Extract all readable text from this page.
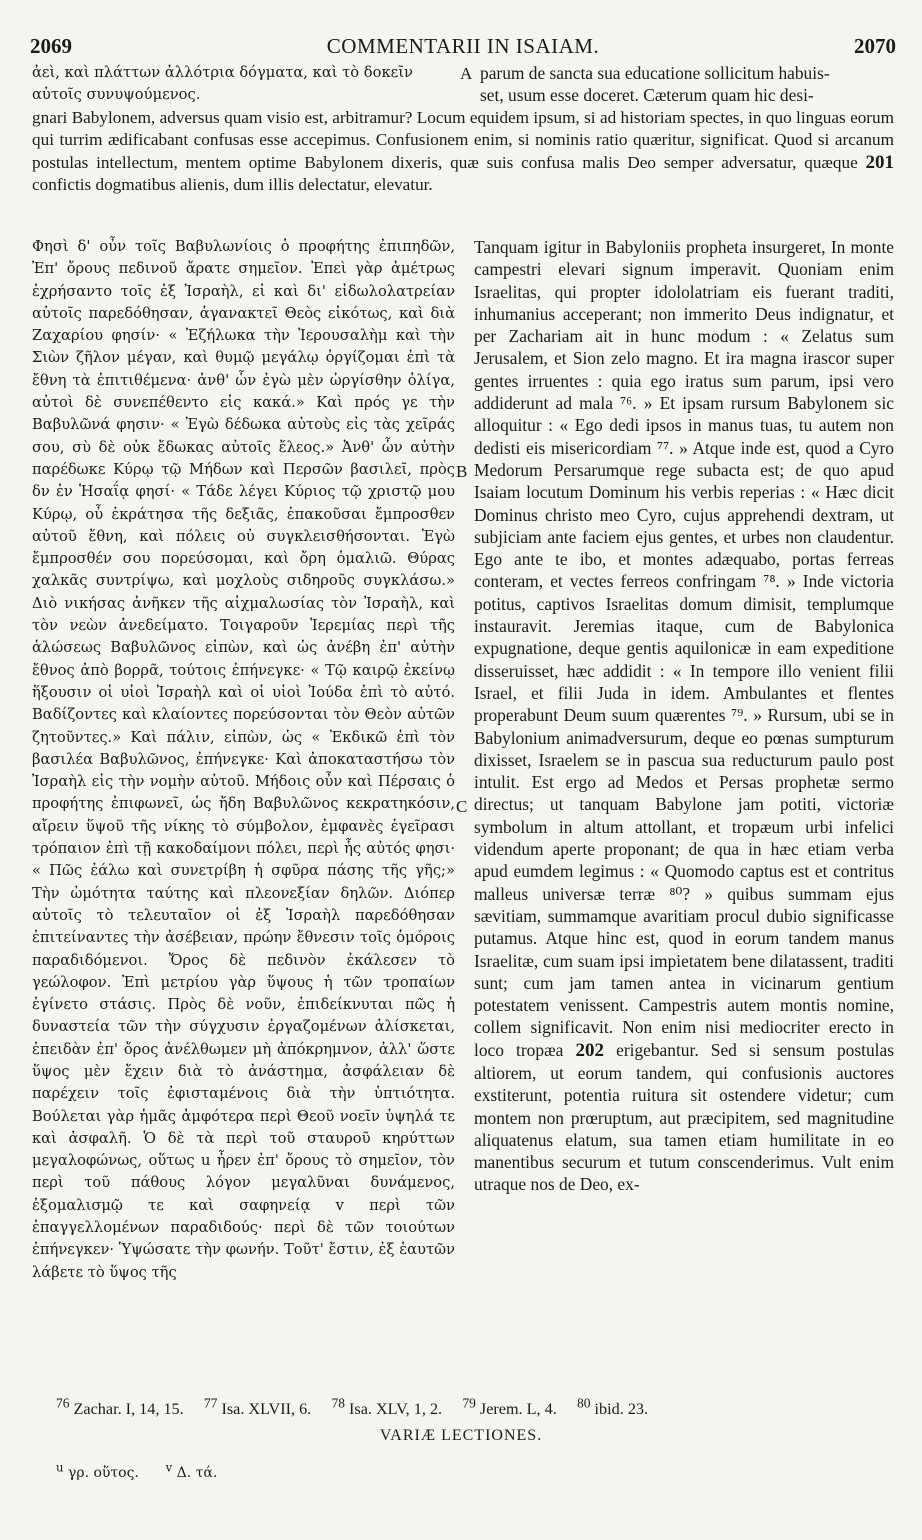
2069	COMMENTARII IN ISAIAM.	2070

ἀεὶ, καὶ πλάττων ἀλλότρια δόγματα, καὶ τὸ δοκεῖν
αὐτοῖς συνυψούμενος.

A parum de sancta sua educatione sollicitum habuis-
set, usum esse doceret. Cæterum quam hic desi-

gnari Babylonem, adversus quam visio est, arbitramur? Locum equidem ipsum, si ad historiam spectes, in quo linguas eorum qui turrim ædificabant confusas esse accepimus. Confusionem enim, si nominis ratio quæritur, significat. Quod si arcanum postulas intellectum, mentem optime Babylonem dixeris, quæ suis confusa malis Deo semper adversatur, quæque 201 confictis dogmatibus alienis, dum illis delectatur, elevatur.

Φησὶ δ' οὖν τοῖς Βαβυλωνίοις ὁ προφήτης ἐπιπηδῶν, Ἐπ' ὄρους πεδινοῦ ἄρατε σημεῖον. Ἐπεὶ γὰρ ἀμέτρως ἐχρήσαντο τοῖς ἐξ Ἰσραὴλ, εἰ καὶ δι' εἰδωλολατρείαν αὐτοῖς παρεδόθησαν, ἀγανακτεῖ Θεὸς εἰκότως, καὶ διὰ Ζαχαρίου φησίν· « Ἐζήλωκα τὴν Ἱερουσαλὴμ καὶ τὴν Σιὼν ζῆλον μέγαν, καὶ θυμῷ μεγάλῳ ὀργίζομαι ἐπὶ τὰ ἔθνη τὰ ἐπιτιθέμενα· ἀνθ' ὧν ἐγὼ μὲν ὠργίσθην ὀλίγα, αὐτοὶ δὲ συνεπέθεντο εἰς κακά.» Καὶ πρός γε τὴν Βαβυλῶνά φησιν· « Ἐγὼ δέδωκα αὐτοὺς εἰς τὰς χεῖράς σου, σὺ δὲ οὐκ ἔδωκας αὐτοῖς ἔλεος.» Ἀνθ' ὧν αὐτὴν παρέδωκε Κύρῳ τῷ Μήδων καὶ Περσῶν βασιλεῖ, πρὸς δν ἐν Ἡσαΐᾳ φησί· « Τάδε λέγει Κύριος τῷ χριστῷ μου Κύρῳ, οὗ ἐκράτησα τῆς δεξιᾶς, ἐπακοῦσαι ἔμπροσθεν αὐτοῦ ἔθνη, καὶ πόλεις οὐ συγκλεισθήσονται. Ἐγὼ ἔμπροσθέν σου πορεύσομαι, καὶ ὄρη ὁμαλιῶ. Θύρας χαλκᾶς συντρίψω, καὶ μοχλοὺς σιδηροῦς συγκλάσω.» Διὸ νικήσας ἀνῆκεν τῆς αἰχμαλωσίας τὸν Ἰσραὴλ, καὶ τὸν νεὼν ἀνεδείματο. Τοιγαροῦν Ἱερεμίας περὶ τῆς ἁλώσεως Βαβυλῶνος εἰπὼν, καὶ ὡς ἀνέβη ἐπ' αὐτὴν ἔθνος ἀπὸ βορρᾶ, τούτοις ἐπήνεγκε· « Τῷ καιρῷ ἐκείνῳ ἥξουσιν οἱ υἱοὶ Ἰσραὴλ καὶ οἱ υἱοὶ Ἰούδα ἐπὶ τὸ αὐτό. Βαδίζοντες καὶ κλαίοντες πορεύσονται τὸν Θεὸν αὐτῶν ζητοῦντες.» Καὶ πάλιν, εἰπὼν, ὡς « Ἐκδικῶ ἐπὶ τὸν βασιλέα Βαβυλῶνος, ἐπήνεγκε· Καὶ ἀποκαταστήσω τὸν Ἰσραὴλ εἰς τὴν νομὴν αὐτοῦ. Μήδοις οὖν καὶ Πέρσαις ὁ προφήτης ἐπιφωνεῖ, ὡς ἤδη Βαβυλῶνος κεκρατηκόσιν, αἴρειν ὕψοῦ τῆς νίκης τὸ σύμβολον, ἐμφανὲς ἐγεῖρασι τρόπαιον ἐπὶ τῇ κακοδαίμονι πόλει, περὶ ἧς αὐτός φησι· « Πῶς ἐάλω καὶ συνετρίβη ἡ σφῦρα πάσης τῆς γῆς;» Τὴν ὠμότητα ταύτης καὶ πλεονεξίαν δηλῶν. Διόπερ αὐτοῖς τὸ τελευταῖον οἱ ἐξ Ἰσραὴλ παρεδόθησαν ἐπιτείναντες τὴν ἀσέβειαν, πρώην ἔθνεσιν τοῖς ὁμόροις παραδιδόμενοι. Ὄρος δὲ πεδινὸν ἐκάλεσεν τὸ γεώλοφον. Ἐπὶ μετρίου γὰρ ὕψους ἡ τῶν τροπαίων ἐγίνετο στάσις. Πρὸς δὲ νοῦν, ἐπιδείκνυται πῶς ἡ δυναστεία τῶν τὴν σύγχυσιν ἐργαζομένων ἁλίσκεται, ἐπειδὰν ἐπ' ὄρος ἀνέλθωμεν μὴ ἀπόκρημνον, ἀλλ' ὥστε ὕψος μὲν ἔχειν διὰ τὸ ἀνάστημα, ἀσφάλειαν δὲ παρέχειν τοῖς ἐφισταμένοις διὰ τὴν ὑπτιότητα. Βούλεται γὰρ ἡμᾶς ἀμφότερα περὶ Θεοῦ νοεῖν ὑψηλά τε καὶ ἀσφαλῆ. Ὁ δὲ τὰ περὶ τοῦ σταυροῦ κηρύττων μεγαλοφώνως, οὕτως u ἦρεν ἐπ' ὄρους τὸ σημεῖον, τὸν περὶ τοῦ πάθους λόγον μεγαλῦναι δυνάμενος, ἐξομαλισμῷ τε καὶ σαφηνείᾳ v περὶ τῶν ἐπαγγελλομένων παραδιδούς· περὶ δὲ τῶν τοιούτων ἐπήνεγκεν· Ὑψώσατε τὴν φωνήν. Τοῦτ' ἔστιν, ἐξ ἑαυτῶν λάβετε τὸ ὕψος τῆς

B
C

Tanquam igitur in Babyloniis propheta insurgeret, In monte campestri elevari signum imperavit. Quoniam enim Israelitas, qui propter idololatriam eis fuerant traditi, inhumanius acceperant; non immerito Deus indignatur, et per Zachariam ait in hunc modum : « Zelatus sum Jerusalem, et Sion zelo magno. Et ira magna irascor super gentes irruentes : quia ego iratus sum parum, ipsi vero addiderunt ad mala ⁷⁶. » Et ipsam rursum Babylonem sic alloquitur : « Ego dedi ipsos in manus tuas, tu autem non dedisti eis misericordiam ⁷⁷. » Atque inde est, quod a Cyro Medorum Persarumque rege subacta est; de quo apud Isaiam locutum Dominum his verbis reperias : « Hæc dicit Dominus christo meo Cyro, cujus apprehendi dextram, ut subjiciam ante faciem ejus gentes, et urbes non claudentur. Ego ante te ibo, et montes adæquabo, portas ferreas conteram, et vectes ferreos confringam ⁷⁸. » Inde victoria potitus, captivos Israelitas domum dimisit, templumque instauravit. Jeremias itaque, cum de Babylonica expugnatione, deque gentis aquilonicæ in eam expeditione disseruisset, hæc addidit : « In tempore illo venient filii Israel, et filii Juda in idem. Ambulantes et flentes properabunt Deum suum quærentes ⁷⁹. » Rursum, ubi se in Babylonium animadversurum, deque eo pœnas sumpturum dixisset, Israelem se in pascua sua reducturum paulo post intulit. Est ergo ad Medos et Persas prophetæ sermo directus; ut tanquam Babylone jam potiti, victoriæ symbolum in altum attollant, et tropæum urbi infelici videndum aperte proponant; de qua in hæc etiam verba apud eumdem legimus : « Quomodo captus est et contritus malleus universæ terræ ⁸⁰? » quibus summam ejus sævitiam, summamque avaritiam procul dubio significasse putamus. Atque hinc est, quod in eorum tandem manus Israelitæ, cum suam ipsi impietatem bene dilatassent, traditi sunt; cum jam tamen antea in vicinarum gentium potestatem venissent. Campestris autem montis nomine, collem significavit. Non enim nisi mediocriter erecto in loco tropæa 202 erigebantur. Sed si sensum postulas altiorem, ut eorum tandem, qui confusionis auctores exstiterunt, potentia ruitura sit ostendere videtur; cum montem non prœruptum, aut præcipitem, sed magnitudine aliquatenus elatum, sua tamen etiam humilitate in eo manentibus securum et tutum conscenderimus. Vult enim utraque nos de Deo, ex-

$^{76}$ Zachar. I, 14, 15. $^{77}$ Isa. XLVII, 6. $^{78}$ Isa. XLV, 1, 2. $^{79}$ Jerem. L, 4. $^{80}$ ibid. 23.
VARIÆ LECTIONES.
$^u$ γρ. οὕτος. $^v$ Δ. τά.
